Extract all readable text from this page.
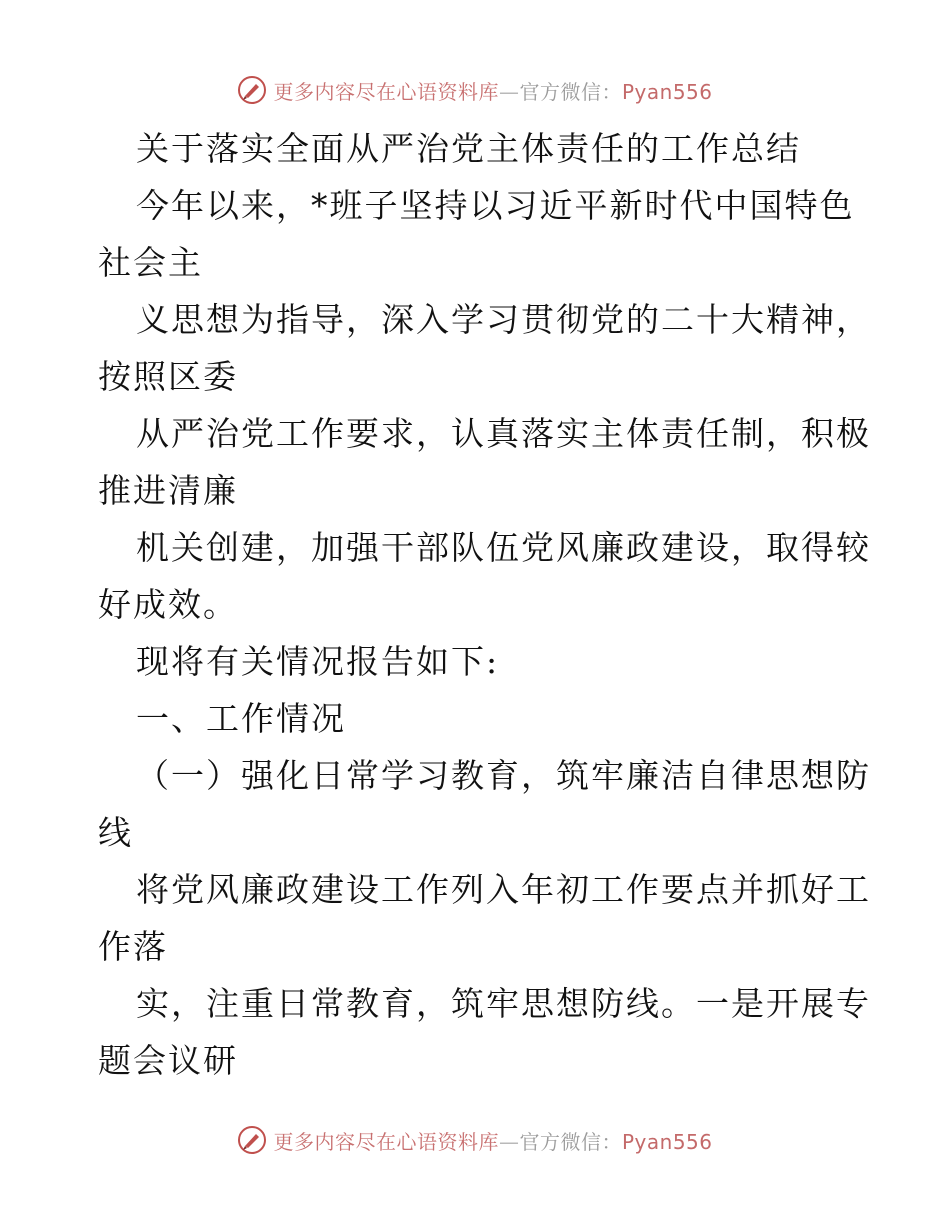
更多内容尽在心语资料库—官方微信：Pyan556
关于落实全面从严治党主体责任的工作总结
今年以来，*班子坚持以习近平新时代中国特色
社会主
义思想为指导，深入学习贯彻党的二十大精神，
按照区委
从严治党工作要求，认真落实主体责任制，积极
推进清廉
机关创建，加强干部队伍党风廉政建设，取得较
好成效。
现将有关情况报告如下:
一、工作情况
（一）强化日常学习教育，筑牢廉洁自律思想防
线
将党风廉政建设工作列入年初工作要点并抓好工
作落
实，注重日常教育，筑牢思想防线。一是开展专
题会议研
更多内容尽在心语资料库—官方微信：Pyan556
